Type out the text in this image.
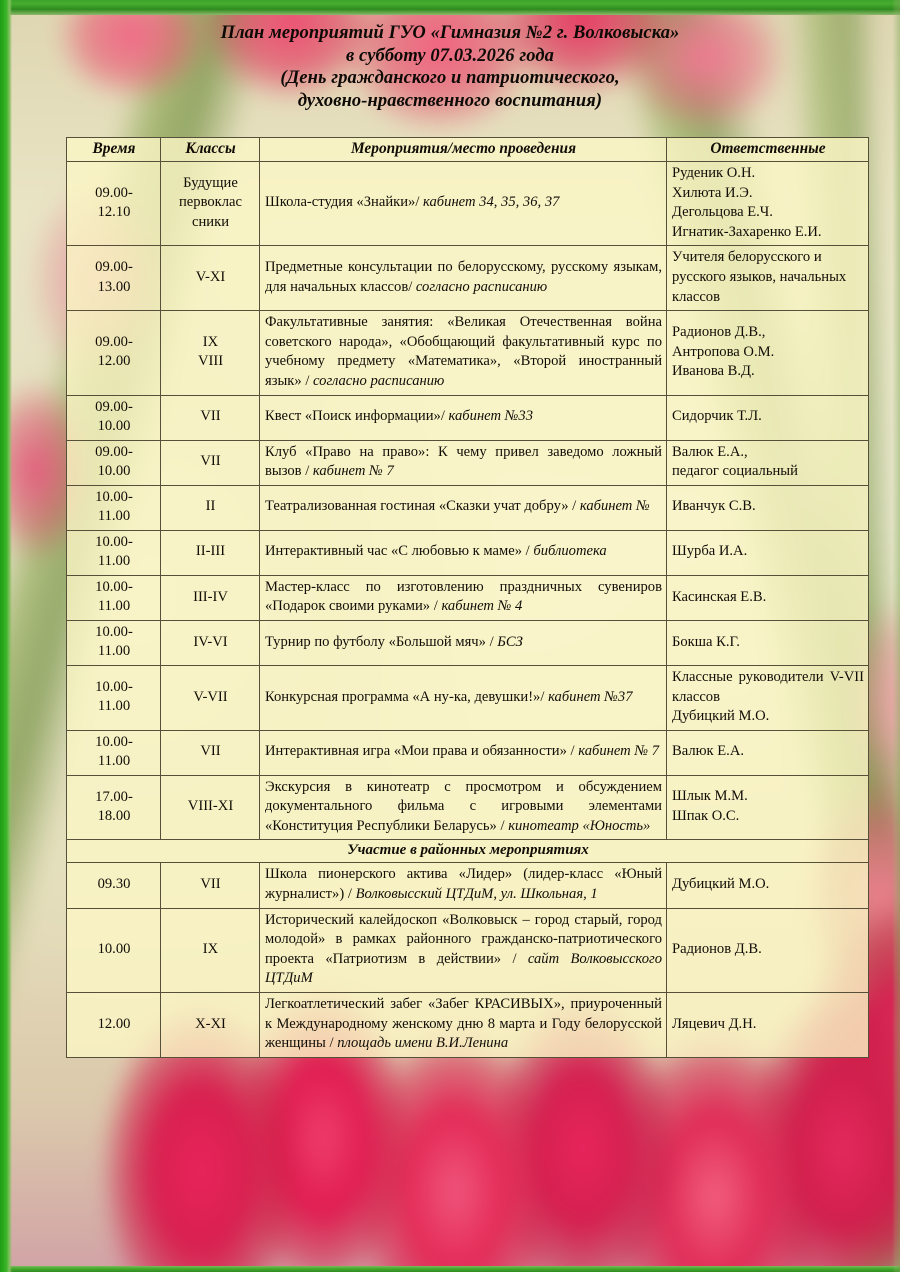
План мероприятий ГУО «Гимназия №2 г. Волковыска»
в субботу 07.03.2026 года
(День гражданского и патриотического,
духовно-нравственного воспитания)
Время	Классы	Мероприятия/место проведения	Ответственные
09.00-
12.10	Будущие первоклас сники	Школа-студия «Знайки»/ кабинет 34, 35, 36, 37	Руденик О.Н.
Хилюта И.Э.
Дегольцова Е.Ч.
Игнатик-Захаренко Е.И.
09.00-
13.00	V-XI	Предметные консультации по белорусскому, русскому языкам, для начальных классов/ согласно расписанию	Учителя белорусского и русского языков, начальных классов
09.00-
12.00	IX
VIII	Факультативные занятия: «Великая Отечественная война советского народа», «Обобщающий факультативный курс по учебному предмету «Математика», «Второй иностранный язык» / согласно расписанию	Радионов Д.В.,
Антропова О.М.
Иванова В.Д.
09.00-
10.00	VII	Квест «Поиск информации»/ кабинет №33	Сидорчик Т.Л.
09.00-
10.00	VII	Клуб «Право на право»: К чему привел заведомо ложный вызов / кабинет № 7	Валюк Е.А.,
педагог социальный
10.00-
11.00	II	Театрализованная гостиная «Сказки учат добру» / кабинет №	Иванчук С.В.
10.00-
11.00	II-III	Интерактивный час «С любовью к маме» / библиотека	Шурба И.А.
10.00-
11.00	III-IV	Мастер-класс по изготовлению праздничных сувениров «Подарок своими руками» / кабинет № 4	Касинская Е.В.
10.00-
11.00	IV-VI	Турнир по футболу «Большой мяч» / БСЗ	Бокша К.Г.
10.00-
11.00	V-VII	Конкурсная программа «А ну-ка, девушки!»/ кабинет №37	Классные руководители V-VII классов
Дубицкий М.О.
10.00-
11.00	VII	Интерактивная игра «Мои права и обязанности» / кабинет № 7	Валюк Е.А.
17.00-
18.00	VIII-XI	Экскурсия в кинотеатр с просмотром и обсуждением документального фильма с игровыми элементами «Конституция Республики Беларусь» / кинотеатр «Юность»	Шлык М.М.
Шпак О.С.
Участие в районных мероприятиях			
09.30	VII	Школа пионерского актива «Лидер» (лидер-класс «Юный журналист») / Волковысский ЦТДиМ, ул. Школьная, 1	Дубицкий М.О.
10.00	IX	Исторический калейдоскоп «Волковыск – город старый, город молодой» в рамках районного гражданско-патриотического проекта «Патриотизм в действии» / сайт Волковысского ЦТДиМ	Радионов Д.В.
12.00	X-XI	Легкоатлетический забег «Забег КРАСИВЫХ», приуроченный к Международному женскому дню 8 марта и Году белорусской женщины / площадь имени В.И.Ленина	Ляцевич Д.Н.
